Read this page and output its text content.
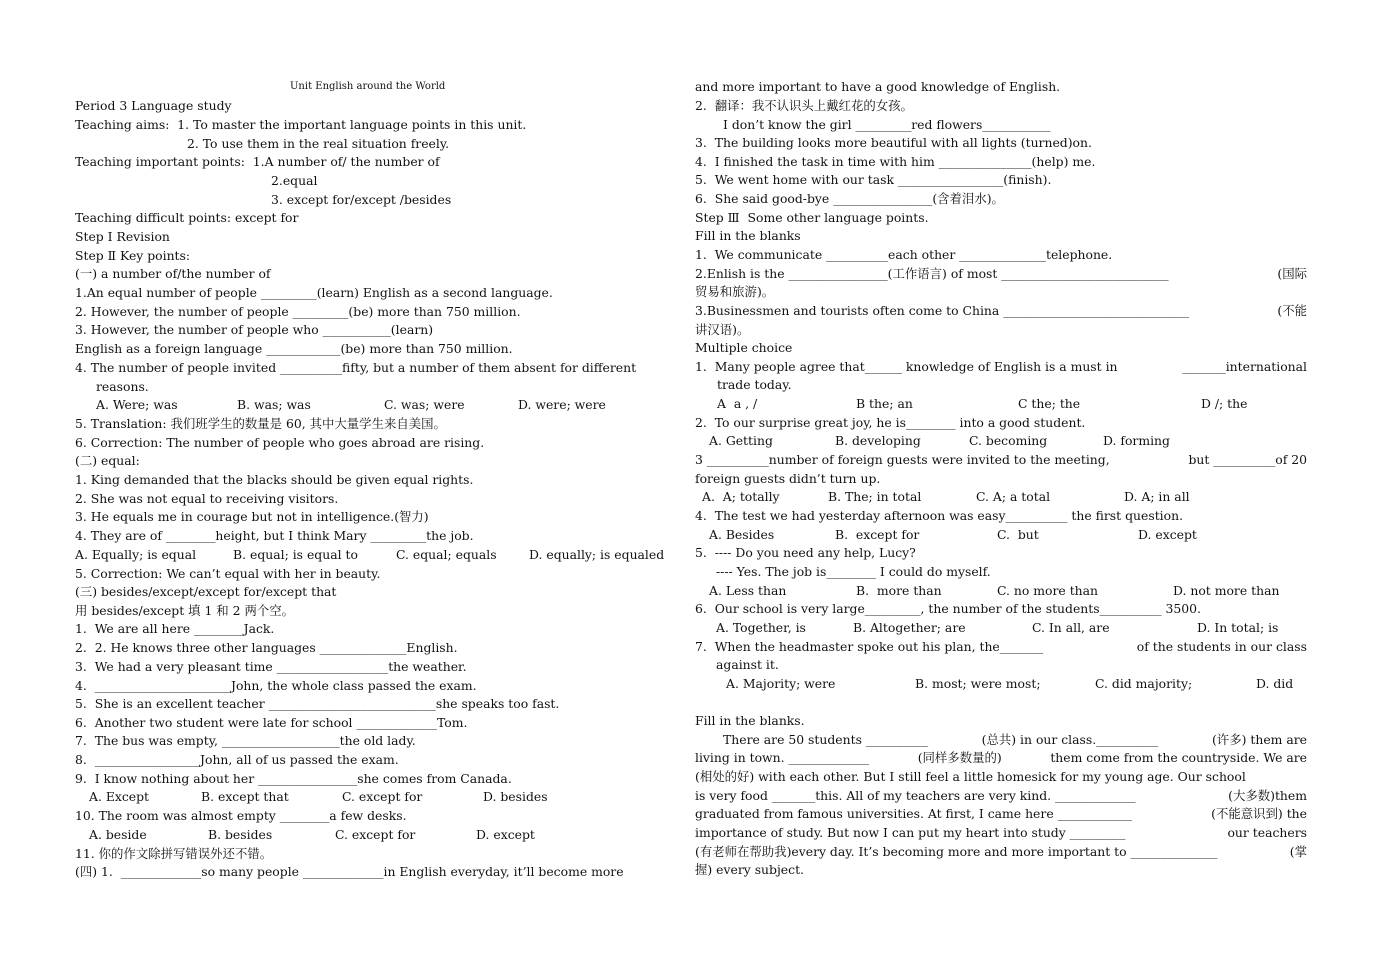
Unit English around the World
Period 3 Language study
Teaching aims:  1. To master the important language points in this unit.
2. To use them in the real situation freely.
Teaching important points:  1.A number of/ the number of
2.equal
3. except for/except /besides
Teaching difficult points: except for
Step Ⅰ Revision
Step Ⅱ Key points:
(一) a number of/the number of
1.An equal number of people _________(learn) English as a second language.
2. However, the number of people _________(be) more than 750 million.
3. However, the number of people who ___________(learn)
English as a foreign language ____________(be) more than 750 million.
4. The number of people invited __________fifty, but a number of them absent for different
reasons.
A. Were; was	B. was; was	C. was; were	D. were; were
5. Translation: 我们班学生的数量是 60, 其中大量学生来自美国。
6. Correction: The number of people who goes abroad are rising.
(二) equal:
1. King demanded that the blacks should be given equal rights.
2. She was not equal to receiving visitors.
3. He equals me in courage but not in intelligence.(智力)
4. They are of ________height, but I think Mary _________the job.
A. Equally; is equal	B. equal; is equal to	C. equal; equals	D. equally; is equaled
5. Correction: We can’t equal with her in beauty.
(三) besides/except/except for/except that
用 besides/except 填 1 和 2 两个空。
1.  We are all here ________Jack.
2.  2. He knows three other languages ______________English.
3.  We had a very pleasant time __________________the weather.
4.  ______________________John, the whole class passed the exam.
5.  She is an excellent teacher ___________________________she speaks too fast.
6.  Another two student were late for school _____________Tom.
7.  The bus was empty, ___________________the old lady.
8.  _________________John, all of us passed the exam.
9.  I know nothing about her ________________she comes from Canada.
A. Except	B. except that	C. except for	D. besides
10. The room was almost empty ________a few desks.
A. beside	B. besides	C. except for	D. except
11. 你的作文除拼写错误外还不错。
(四) 1.  _____________so many people _____________in English everyday, it’ll become more
and more important to have a good knowledge of English.
2.  翻译：我不认识头上戴红花的女孩。
I don’t know the girl _________red flowers___________
3.  The building looks more beautiful with all lights (turned)on.
4.  I finished the task in time with him _______________(help) me.
5.  We went home with our task _________________(finish).
6.  She said good-bye ________________(含着泪水)。
Step Ⅲ  Some other language points.
Fill in the blanks
1.  We communicate __________each other ______________telephone.
2.Enlish is the ________________(工作语言) of most ___________________________	(国际
贸易和旅游)。
3.Businessmen and tourists often come to China ______________________________	(不能
讲汉语)。
Multiple choice
1.  Many people agree that______ knowledge of English is a must in	_______international
trade today.
A  a , /	B the; an	C the; the	D /; the
2.  To our surprise great joy, he is________ into a good student.
A. Getting	B. developing	C. becoming	D. forming
3 __________number of foreign guests were invited to the meeting,	but __________of 20
foreign guests didn’t turn up.
A.  A; totally	B. The; in total	C. A; a total	D. A; in all
4.  The test we had yesterday afternoon was easy__________ the first question.
A. Besides	B.  except for	C.  but	D. except
5.  ---- Do you need any help, Lucy?
---- Yes. The job is________ I could do myself.
A. Less than	B.  more than	C. no more than	D. not more than
6.  Our school is very large_________, the number of the students__________ 3500.
A. Together, is	B. Altogether; are	C. In all, are	D. In total; is
7.  When the headmaster spoke out his plan, the_______	of the students in our class
against it.
A. Majority; were	B. most; were most;	C. did majority;	D. did
Fill in the blanks.
There are 50 students __________	(总共) in our class.__________	(许多) them are
living in town. _____________	(同样多数量的)	them come from the countryside. We are
(相处的好) with each other. But I still feel a little homesick for my young age. Our school
is very food _______this. All of my teachers are very kind. _____________	(大多数)them
graduated from famous universities. At first, I came here ____________	(不能意识到) the
importance of study. But now I can put my heart into study _________	our teachers
(有老师在帮助我)every day. It’s becoming more and more important to ______________	(掌
握) every subject.
